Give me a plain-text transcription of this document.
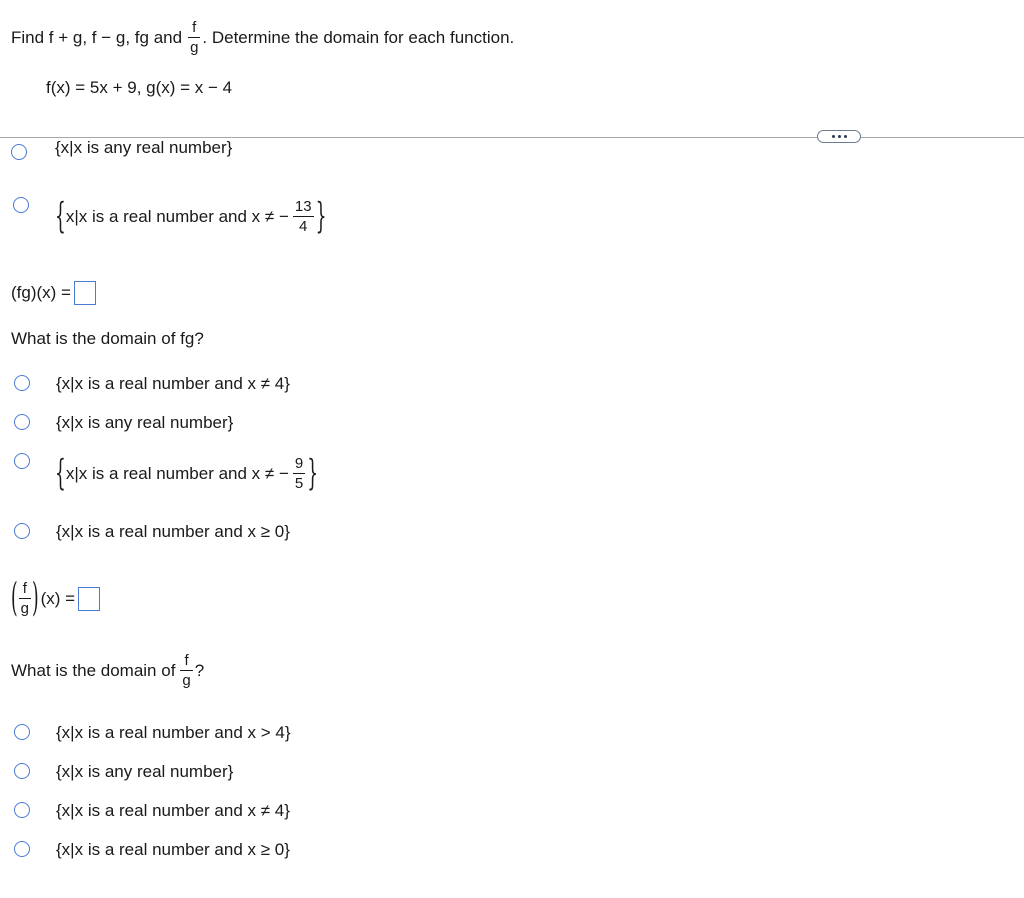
Find f + g, f − g, fg and $\frac{f}{g}$ . Determine the domain for each function.
f(x) = 5x + 9, g(x) = x − 4
{x|x is any real number}
{ x|x is a real number and x ≠ − $\frac{13}{4}$ }
(fg)(x) =
What is the domain of fg?
{x|x is a real number and x ≠ 4}
{x|x is any real number}
{ x|x is a real number and x ≠ − $\frac{9}{5}$ }
{x|x is a real number and x ≥ 0}
( $\frac{f}{g}$ ) (x) =
What is the domain of $\frac{f}{g}$ ?
{x|x is a real number and x > 4}
{x|x is any real number}
{x|x is a real number and x ≠ 4}
{x|x is a real number and x ≥ 0}
